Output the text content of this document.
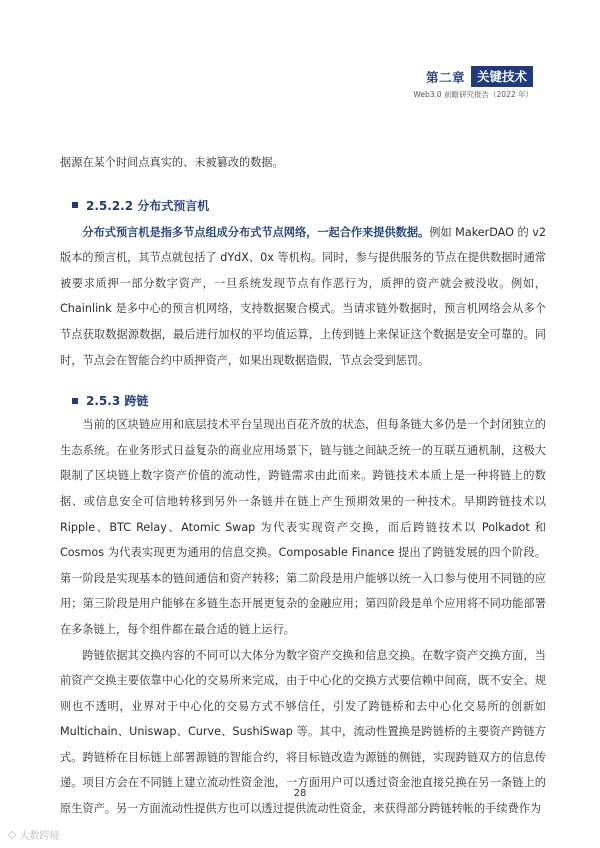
第二章 关键技术
Web3.0 前瞻研究报告（2022 年）

据源在某个时间点真实的、未被篡改的数据。

2.5.2.2 分布式预言机

分布式预言机是指多节点组成分布式节点网络，一起合作来提供数据。例如 MakerDAO 的 v2 版本的预言机，其节点就包括了 dYdX、0x 等机构。同时，参与提供服务的节点在提供数据时通常被要求质押一部分数字资产，一旦系统发现节点有作恶行为，质押的资产就会被没收。例如，Chainlink 是多中心的预言机网络，支持数据聚合模式。当请求链外数据时，预言机网络会从多个节点获取数据源数据，最后进行加权的平均值运算，上传到链上来保证这个数据是安全可靠的。同时，节点会在智能合约中质押资产，如果出现数据造假，节点会受到惩罚。

2.5.3 跨链

当前的区块链应用和底层技术平台呈现出百花齐放的状态，但每条链大多仍是一个封闭独立的生态系统。在业务形式日益复杂的商业应用场景下，链与链之间缺乏统一的互联互通机制，这极大限制了区块链上数字资产价值的流动性，跨链需求由此而来。跨链技术本质上是一种将链上的数据、或信息安全可信地转移到另外一条链并在链上产生预期效果的一种技术。早期跨链技术以 Ripple、BTC Relay、Atomic Swap 为代表实现资产交换，而后跨链技术以 Polkadot 和 Cosmos 为代表实现更为通用的信息交换。Composable Finance 提出了跨链发展的四个阶段。第一阶段是实现基本的链间通信和资产转移；第二阶段是用户能够以统一入口参与使用不同链的应用；第三阶段是用户能够在多链生态开展更复杂的金融应用；第四阶段是单个应用将不同功能部署在多条链上，每个组件都在最合适的链上运行。

跨链依据其交换内容的不同可以大体分为数字资产交换和信息交换。在数字资产交换方面，当前资产交换主要依靠中心化的交易所来完成，由于中心化的交换方式要信赖中间商，既不安全、规则也不透明，业界对于中心化的交易方式不够信任，引发了跨链桥和去中心化交易所的创新如 Multichain、Uniswap、Curve、SushiSwap 等。其中，流动性置换是跨链桥的主要资产跨链方式。跨链桥在目标链上部署源链的智能合约，将目标链改造为源链的侧链，实现跨链双方的信息传递。项目方会在不同链上建立流动性资金池，一方面用户可以透过资金池直接兑换在另一条链上的原生资产。另一方面流动性提供方也可以透过提供流动性资金，来获得部分跨链转帐的手续费作为

28
◇ 大数跨境
